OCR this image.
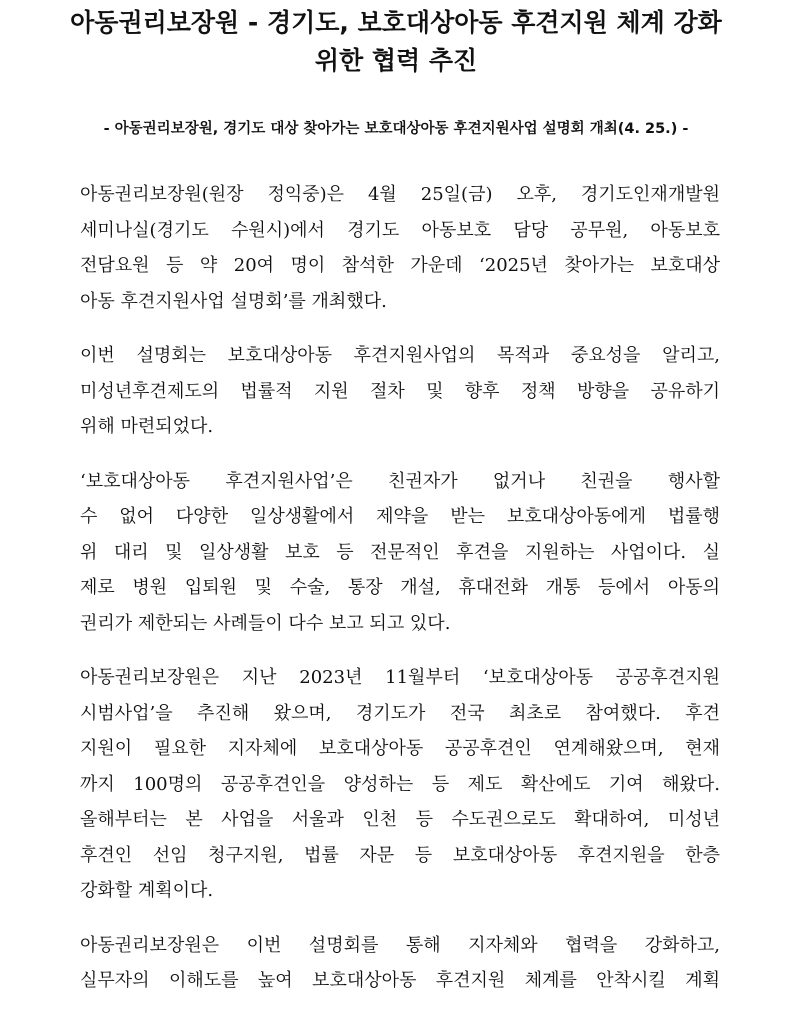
아동권리보장원 - 경기도, 보호대상아동 후견지원 체계 강화
위한 협력 추진
- 아동권리보장원, 경기도 대상 찾아가는 보호대상아동 후견지원사업 설명회 개최(4. 25.) -

아동권리보장원(원장 정익중)은 4월 25일(금) 오후, 경기도인재개발원
세미나실(경기도 수원시)에서 경기도 아동보호 담당 공무원, 아동보호
전담요원 등 약 20여 명이 참석한 가운데 ‘2025년 찾아가는 보호대상
아동 후견지원사업 설명회’를 개최했다.

이번 설명회는 보호대상아동 후견지원사업의 목적과 중요성을 알리고,
미성년후견제도의 법률적 지원 절차 및 향후 정책 방향을 공유하기
위해 마련되었다.

‘보호대상아동 후견지원사업’은 친권자가 없거나 친권을 행사할
수 없어 다양한 일상생활에서 제약을 받는 보호대상아동에게 법률행
위 대리 및 일상생활 보호 등 전문적인 후견을 지원하는 사업이다. 실
제로 병원 입퇴원 및 수술, 통장 개설, 휴대전화 개통 등에서 아동의
권리가 제한되는 사례들이 다수 보고 되고 있다.

아동권리보장원은 지난 2023년 11월부터 ‘보호대상아동 공공후견지원
시범사업’을 추진해 왔으며, 경기도가 전국 최초로 참여했다. 후견
지원이 필요한 지자체에 보호대상아동 공공후견인 연계해왔으며, 현재
까지 100명의 공공후견인을 양성하는 등 제도 확산에도 기여 해왔다.
올해부터는 본 사업을 서울과 인천 등 수도권으로도 확대하여, 미성년
후견인 선임 청구지원, 법률 자문 등 보호대상아동 후견지원을 한층
강화할 계획이다.

아동권리보장원은 이번 설명회를 통해 지자체와 협력을 강화하고,
실무자의 이해도를 높여 보호대상아동 후견지원 체계를 안착시킬 계획
